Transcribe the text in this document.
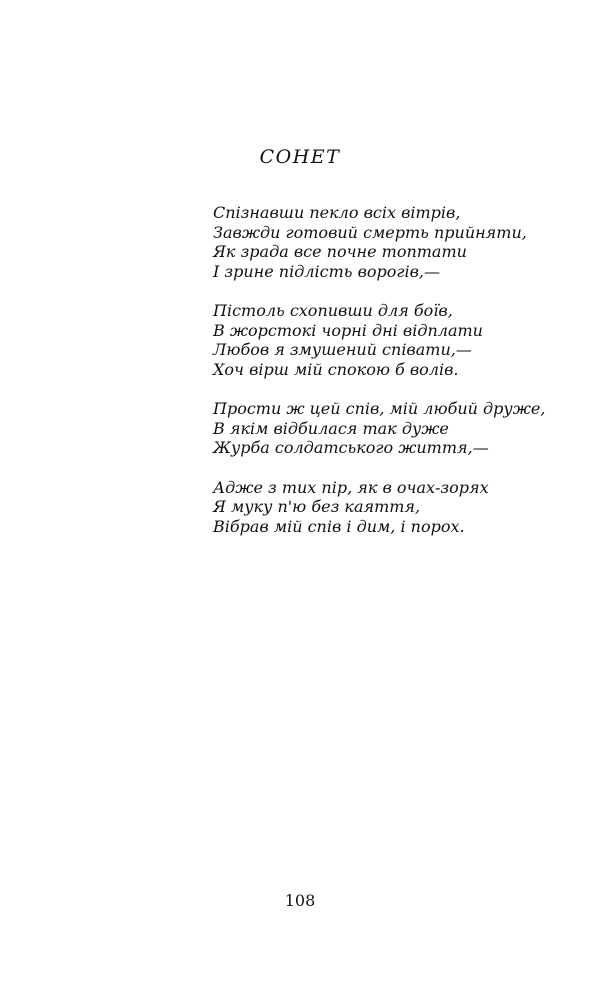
СОНЕТ
Спізнавши пекло всіх вітрів,
Завжди готовий смерть прийняти,
Як зрада все почне топтати
І зрине підлість ворогів,—
Пістоль схопивши для боїв,
В жорстокі чорні дні відплати
Любов я змушений співати,—
Хоч вірш мій спокою б волів.
Прости ж цей спів, мій любий друже,
В якім відбилася так дуже
Журба солдатського життя,—
Адже з тих пір, як в очах-зорях
Я муку п'ю без каяття,
Вібрав мій спів і дим, і порох.
108
